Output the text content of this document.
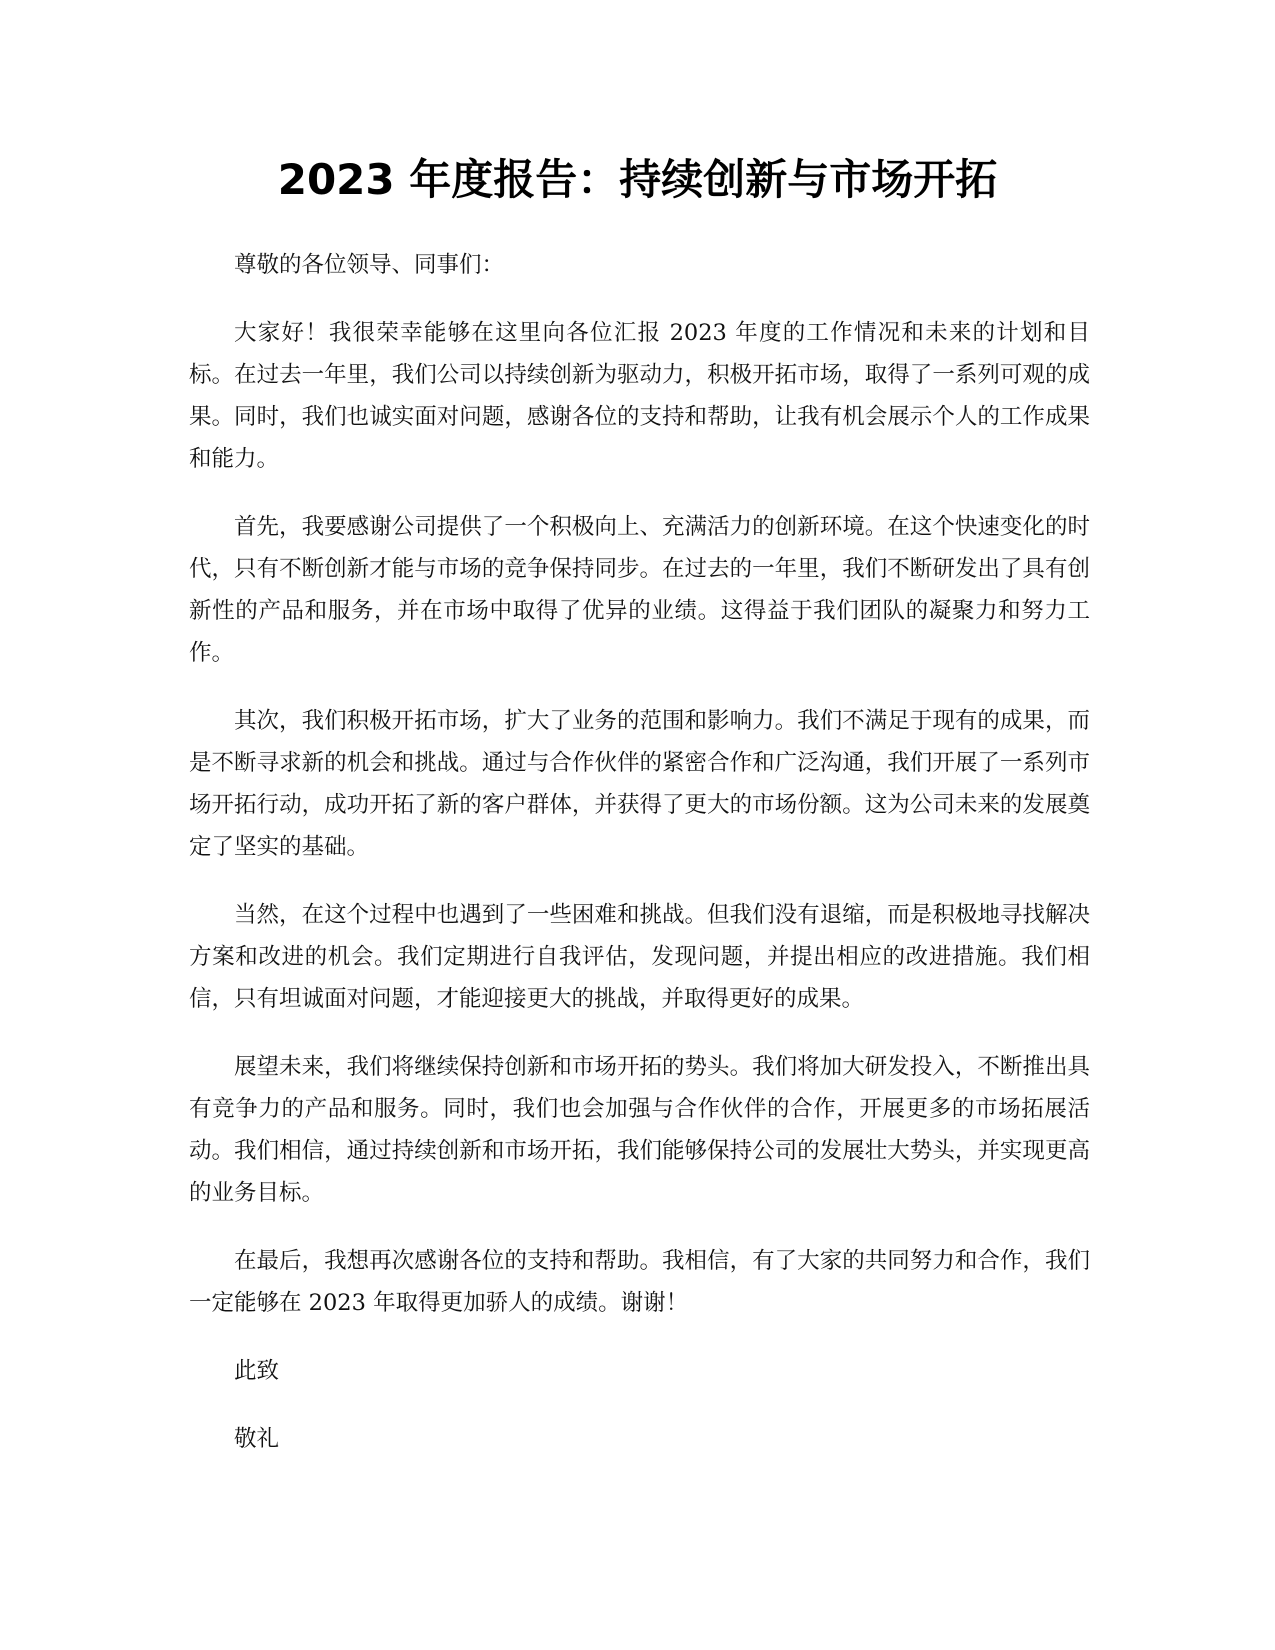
2023 年度报告：持续创新与市场开拓

尊敬的各位领导、同事们：

大家好！我很荣幸能够在这里向各位汇报 2023 年度的工作情况和未来的计划和目标。在过去一年里，我们公司以持续创新为驱动力，积极开拓市场，取得了一系列可观的成果。同时，我们也诚实面对问题，感谢各位的支持和帮助，让我有机会展示个人的工作成果和能力。

首先，我要感谢公司提供了一个积极向上、充满活力的创新环境。在这个快速变化的时代，只有不断创新才能与市场的竞争保持同步。在过去的一年里，我们不断研发出了具有创新性的产品和服务，并在市场中取得了优异的业绩。这得益于我们团队的凝聚力和努力工作。

其次，我们积极开拓市场，扩大了业务的范围和影响力。我们不满足于现有的成果，而是不断寻求新的机会和挑战。通过与合作伙伴的紧密合作和广泛沟通，我们开展了一系列市场开拓行动，成功开拓了新的客户群体，并获得了更大的市场份额。这为公司未来的发展奠定了坚实的基础。

当然，在这个过程中也遇到了一些困难和挑战。但我们没有退缩，而是积极地寻找解决方案和改进的机会。我们定期进行自我评估，发现问题，并提出相应的改进措施。我们相信，只有坦诚面对问题，才能迎接更大的挑战，并取得更好的成果。

展望未来，我们将继续保持创新和市场开拓的势头。我们将加大研发投入，不断推出具有竞争力的产品和服务。同时，我们也会加强与合作伙伴的合作，开展更多的市场拓展活动。我们相信，通过持续创新和市场开拓，我们能够保持公司的发展壮大势头，并实现更高的业务目标。

在最后，我想再次感谢各位的支持和帮助。我相信，有了大家的共同努力和合作，我们一定能够在 2023 年取得更加骄人的成绩。谢谢！

此致

敬礼
